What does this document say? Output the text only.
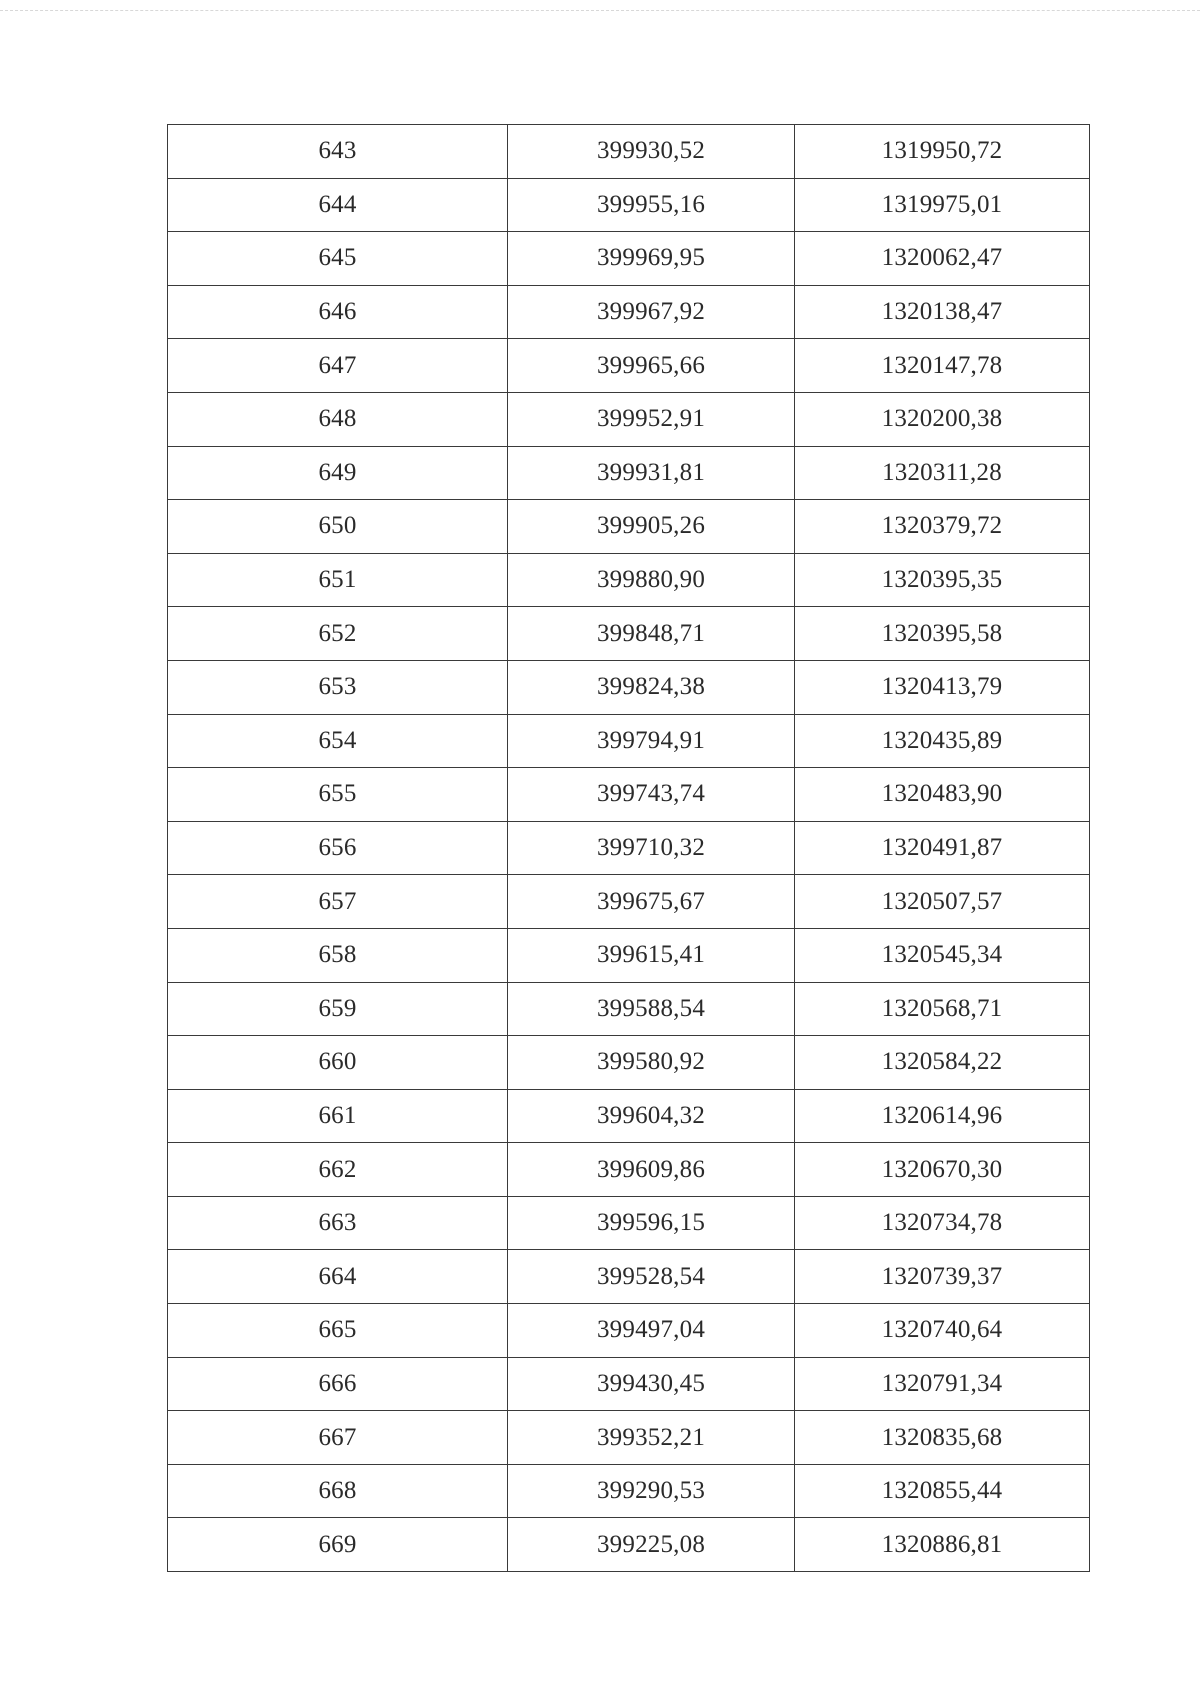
643	399930,52	1319950,72
644	399955,16	1319975,01
645	399969,95	1320062,47
646	399967,92	1320138,47
647	399965,66	1320147,78
648	399952,91	1320200,38
649	399931,81	1320311,28
650	399905,26	1320379,72
651	399880,90	1320395,35
652	399848,71	1320395,58
653	399824,38	1320413,79
654	399794,91	1320435,89
655	399743,74	1320483,90
656	399710,32	1320491,87
657	399675,67	1320507,57
658	399615,41	1320545,34
659	399588,54	1320568,71
660	399580,92	1320584,22
661	399604,32	1320614,96
662	399609,86	1320670,30
663	399596,15	1320734,78
664	399528,54	1320739,37
665	399497,04	1320740,64
666	399430,45	1320791,34
667	399352,21	1320835,68
668	399290,53	1320855,44
669	399225,08	1320886,81
